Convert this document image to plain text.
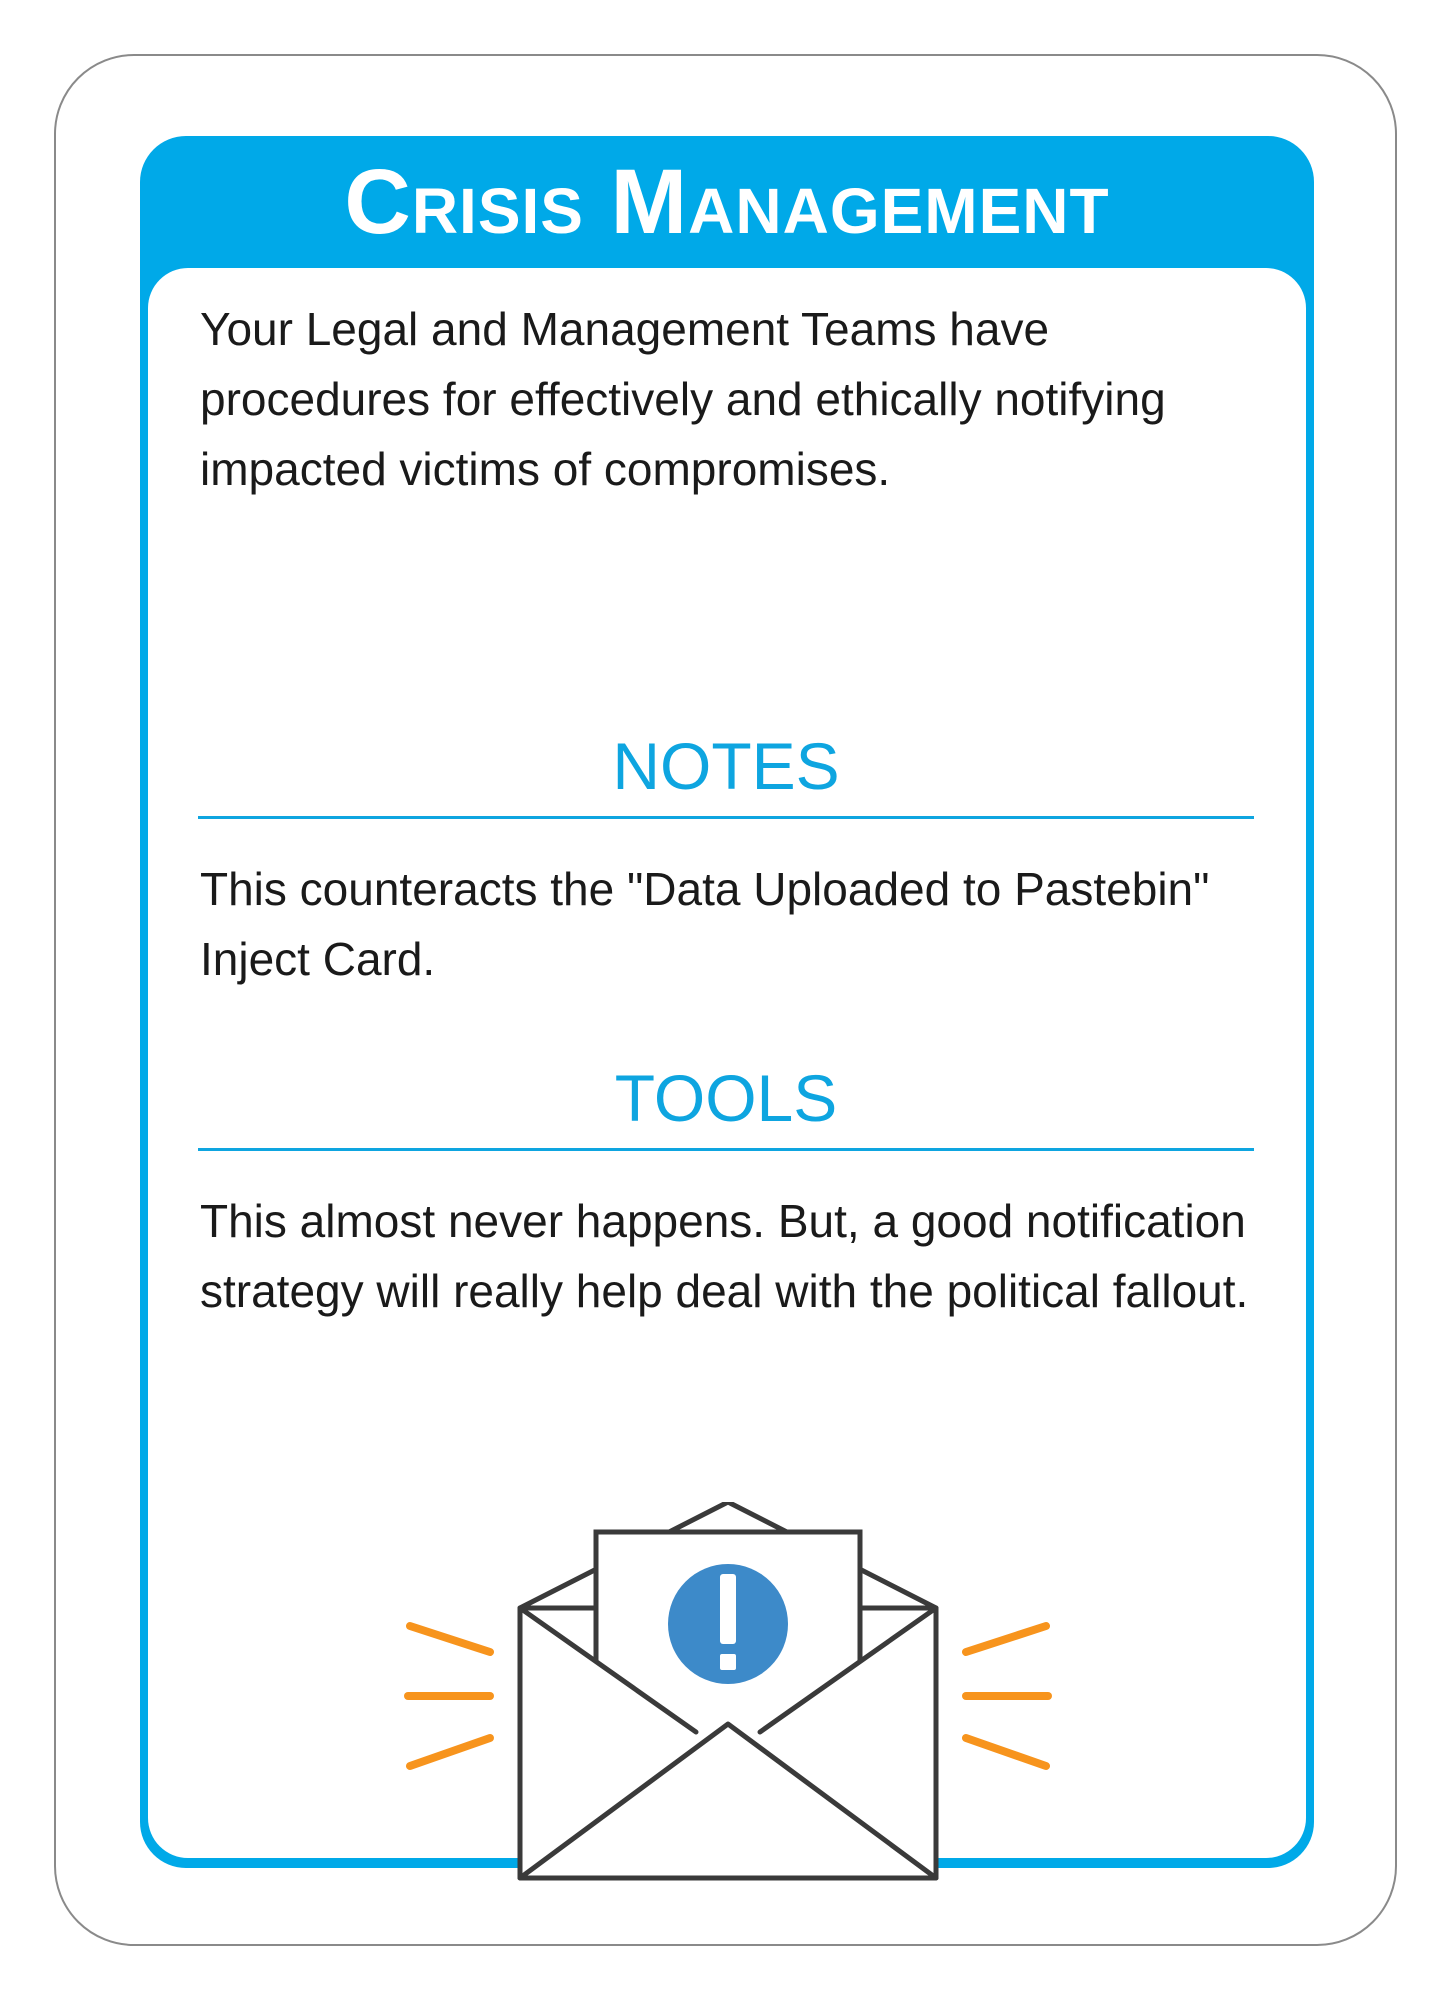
Crisis Management
Your Legal and Management Teams have procedures for effectively and ethically notifying impacted victims of compromises.
NOTES
This counteracts the "Data Uploaded to Pastebin" Inject Card.
TOOLS
This almost never happens. But, a good notification strategy will really help deal with the political fallout.
